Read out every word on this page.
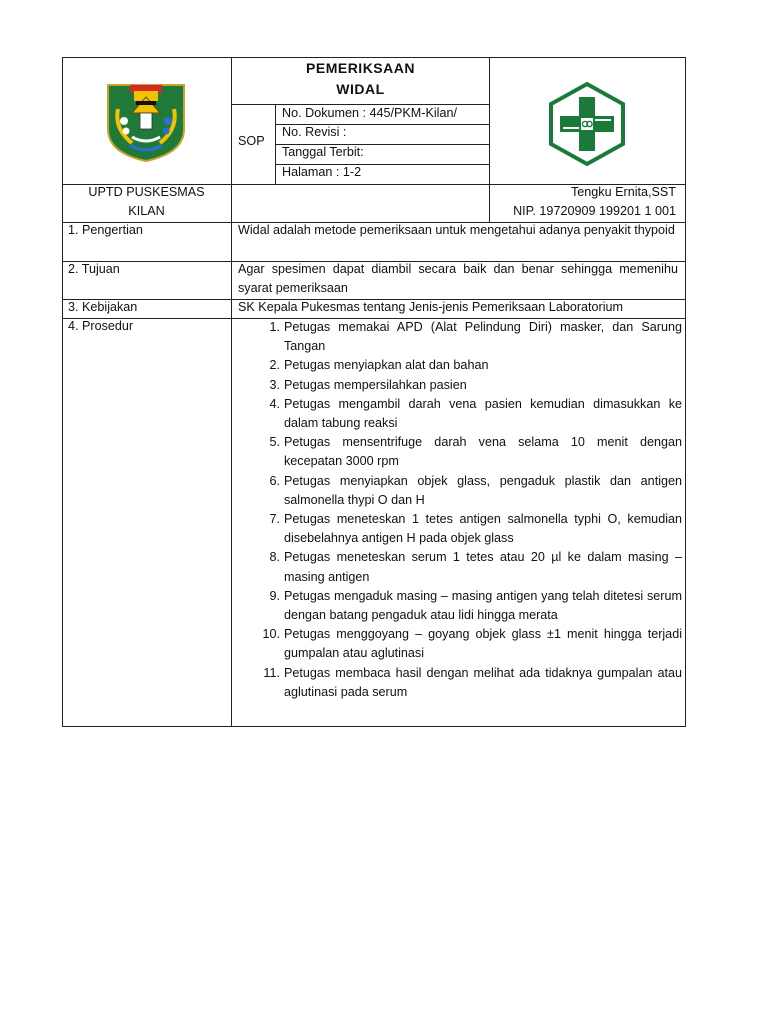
PEMERIKSAAN
WIDAL
SOP
No. Dokumen : 445/PKM-Kilan/
No. Revisi :
Tanggal Terbit:
Halaman : 1-2
UPTD PUSKESMAS
KILAN
Tengku Ernita,SST
NIP. 19720909 199201 1 001
1. Pengertian
2. Tujuan
3. Kebijakan
4. Prosedur
Widal adalah metode pemeriksaan untuk mengetahui adanya penyakit thypoid
Agar spesimen dapat diambil secara baik dan benar sehingga memenihu syarat pemeriksaan
SK Kepala Pukesmas tentang Jenis-jenis Pemeriksaan Laboratorium
1. Petugas memakai APD (Alat Pelindung Diri) masker, dan Sarung Tangan
2. Petugas menyiapkan alat dan bahan
3. Petugas mempersilahkan pasien
4. Petugas mengambil darah vena pasien kemudian dimasukkan ke dalam tabung reaksi
5. Petugas mensentrifuge darah vena selama 10 menit dengan kecepatan 3000 rpm
6. Petugas menyiapkan objek glass, pengaduk plastik dan antigen salmonella thypi O dan H
7. Petugas meneteskan 1 tetes antigen salmonella typhi O, kemudian disebelahnya antigen H pada objek glass
8. Petugas meneteskan serum 1 tetes atau 20 µl ke dalam masing – masing antigen
9. Petugas mengaduk masing – masing antigen yang telah ditetesi serum dengan batang pengaduk atau lidi hingga merata
10. Petugas menggoyang – goyang objek glass ±1 menit hingga terjadi gumpalan atau aglutinasi
11. Petugas membaca hasil dengan melihat ada tidaknya gumpalan atau aglutinasi pada serum
